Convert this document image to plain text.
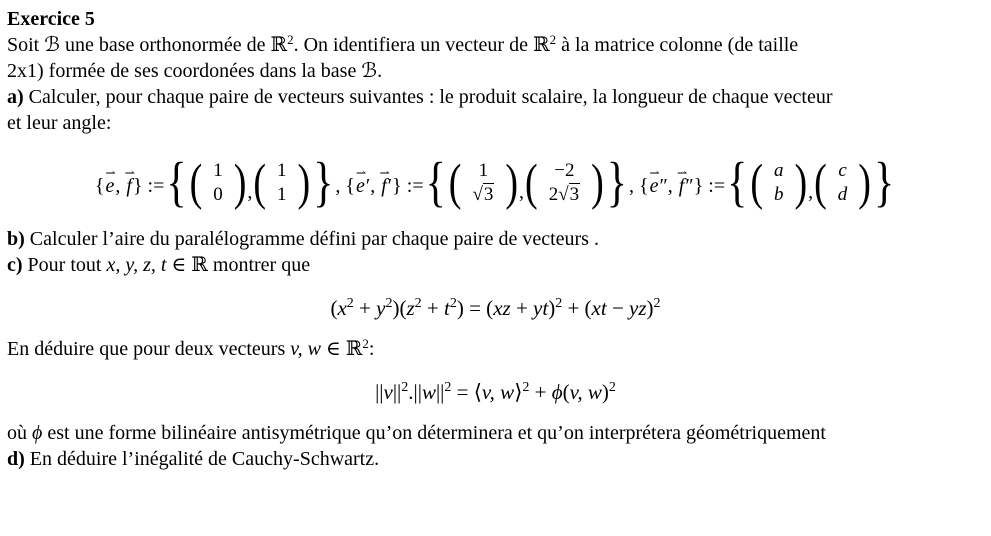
Exercice 5
Soit ℬ une base orthonormée de ℝ$^2$. On identifiera un vecteur de ℝ$^2$ à la matrice colonne (de taille
2x1) formée de ses coordonées dans la base ℬ.
a) Calculer, pour chaque paire de vecteurs suivantes : le produit scalaire, la longueur de chaque vecteur
et leur angle:
{
⇀
e,
⇀
f} := { ( 1
0 ) , ( 1
1 ) } , {
⇀
e′,
⇀
f′} := { ( 1
√3 ) , ( −2
2√3 ) } , {
⇀
e″,
⇀
f″} := { ( a
b ) , ( c
d ) }
b) Calculer l’aire du paralélogramme défini par chaque paire de vecteurs .
c) Pour tout x, y, z, t ∈ ℝ montrer que
$(x^2 + y^2)(z^2 + t^2) = (xz + yt)^2 + (xt - yz)^2$
En déduire que pour deux vecteurs v, w ∈ ℝ$^2$:
$||v||^2.||w||^2$ = ⟨v, w⟩$^2$ + ϕ(v, w)$^2$
où ϕ est une forme bilinéaire antisymétrique qu’on déterminera et qu’on interprétera géométriquement
d) En déduire l’inégalité de Cauchy-Schwartz.
